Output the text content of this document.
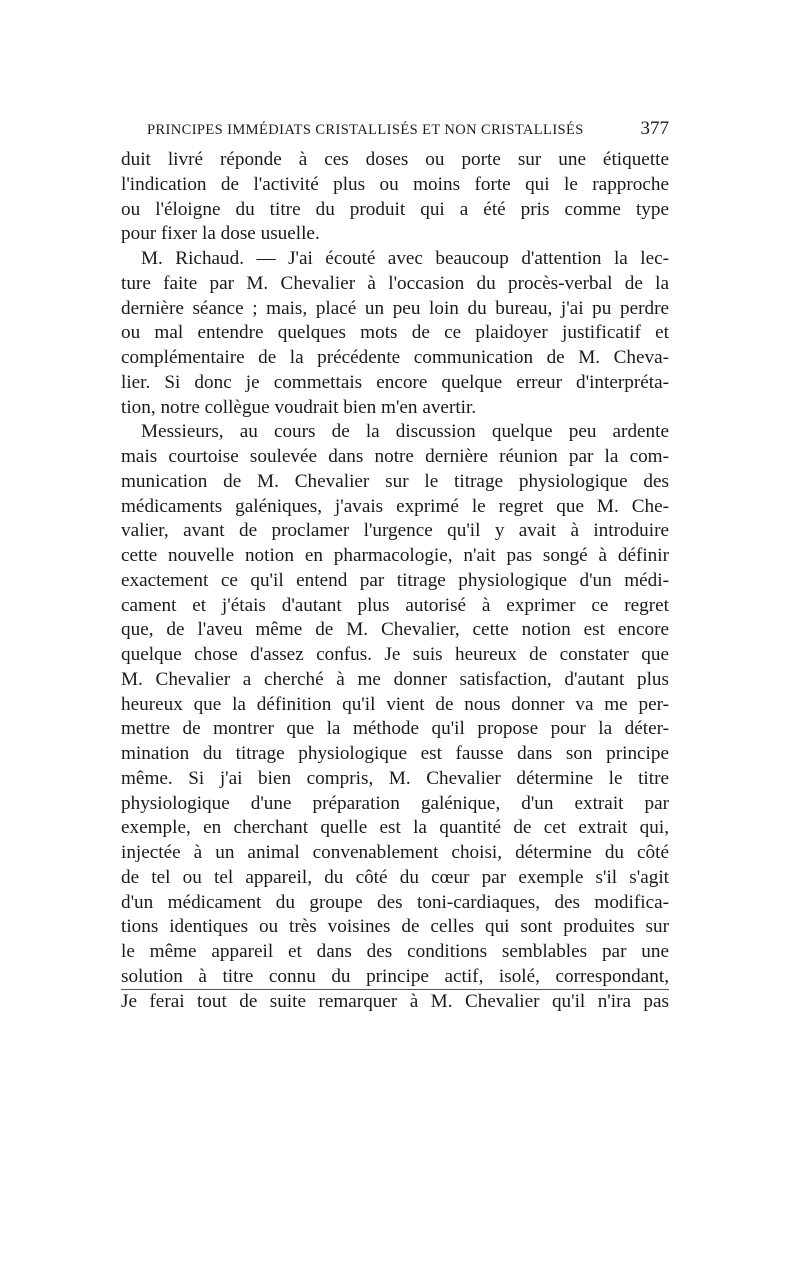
PRINCIPES IMMÉDIATS CRISTALLISÉS ET NON CRISTALLISÉS	377
duit livré réponde à ces doses ou porte sur une étiquette
l'indication de l'activité plus ou moins forte qui le rapproche
ou l'éloigne du titre du produit qui a été pris comme type
pour fixer la dose usuelle.
M. Richaud. — J'ai écouté avec beaucoup d'attention la lec-
ture faite par M. Chevalier à l'occasion du procès-verbal de la
dernière séance ; mais, placé un peu loin du bureau, j'ai pu perdre
ou mal entendre quelques mots de ce plaidoyer justificatif et
complémentaire de la précédente communication de M. Cheva-
lier. Si donc je commettais encore quelque erreur d'interpréta-
tion, notre collègue voudrait bien m'en avertir.
Messieurs, au cours de la discussion quelque peu ardente
mais courtoise soulevée dans notre dernière réunion par la com-
munication de M. Chevalier sur le titrage physiologique des
médicaments galéniques, j'avais exprimé le regret que M. Che-
valier, avant de proclamer l'urgence qu'il y avait à introduire
cette nouvelle notion en pharmacologie, n'ait pas songé à définir
exactement ce qu'il entend par titrage physiologique d'un médi-
cament et j'étais d'autant plus autorisé à exprimer ce regret
que, de l'aveu même de M. Chevalier, cette notion est encore
quelque chose d'assez confus. Je suis heureux de constater que
M. Chevalier a cherché à me donner satisfaction, d'autant plus
heureux que la définition qu'il vient de nous donner va me per-
mettre de montrer que la méthode qu'il propose pour la déter-
mination du titrage physiologique est fausse dans son principe
même. Si j'ai bien compris, M. Chevalier détermine le titre
physiologique d'une préparation galénique, d'un extrait par
exemple, en cherchant quelle est la quantité de cet extrait qui,
injectée à un animal convenablement choisi, détermine du côté
de tel ou tel appareil, du côté du cœur par exemple s'il s'agit
d'un médicament du groupe des toni-cardiaques, des modifica-
tions identiques ou très voisines de celles qui sont produites sur
le même appareil et dans des conditions semblables par une
solution à titre connu du principe actif, isolé, correspondant,
Je ferai tout de suite remarquer à M. Chevalier qu'il n'ira pas
